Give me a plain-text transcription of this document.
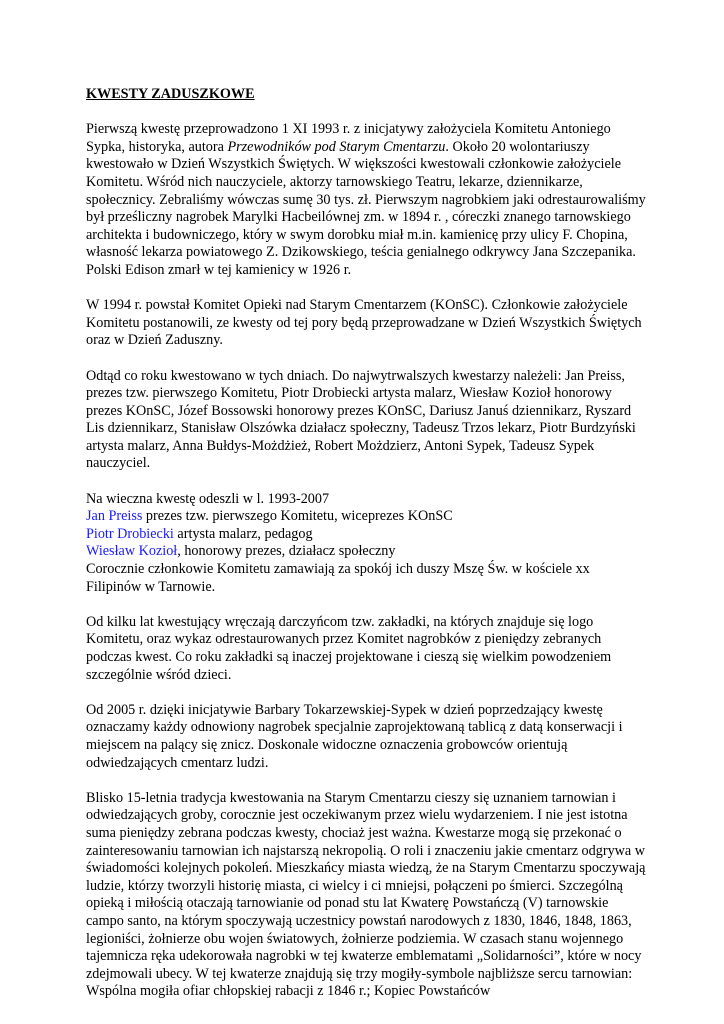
KWESTY ZADUSZKOWE

Pierwszą kwestę przeprowadzono 1 XI 1993 r. z inicjatywy założyciela Komitetu Antoniego Sypka, historyka, autora Przewodników pod Starym Cmentarzu. Około 20 wolontariuszy kwestowało w Dzień Wszystkich Świętych. W większości kwestowali członkowie założyciele Komitetu. Wśród nich nauczyciele, aktorzy tarnowskiego Teatru, lekarze, dziennikarze, społecznicy. Zebraliśmy wówczas sumę 30 tys. zł. Pierwszym nagrobkiem jaki odrestaurowaliśmy był prześliczny nagrobek Marylki Hacbeilównej zm. w 1894 r. , córeczki znanego tarnowskiego architekta i budowniczego, który w swym dorobku miał m.in. kamienicę przy ulicy F. Chopina, własność lekarza powiatowego Z. Dzikowskiego, teścia genialnego odkrywcy Jana Szczepanika. Polski Edison zmarł w tej kamienicy w 1926 r.

W 1994 r. powstał Komitet Opieki nad Starym Cmentarzem (KOnSC). Członkowie założyciele Komitetu postanowili, ze kwesty od tej pory będą przeprowadzane w Dzień Wszystkich Świętych oraz w Dzień Zaduszny.

Odtąd co roku kwestowano w tych dniach. Do najwytrwalszych kwestarzy należeli: Jan Preiss, prezes tzw. pierwszego Komitetu, Piotr Drobiecki artysta malarz, Wiesław Kozioł honorowy prezes KOnSC, Józef Bossowski honorowy prezes KOnSC, Dariusz Januś dziennikarz, Ryszard Lis dziennikarz, Stanisław Olszówka działacz społeczny, Tadeusz Trzos lekarz, Piotr Burdzyński artysta malarz, Anna Bułdys-Możdżież, Robert Możdzierz, Antoni Sypek, Tadeusz Sypek nauczyciel.

Na wieczna kwestę odeszli w l. 1993-2007
Jan Preiss prezes tzw. pierwszego Komitetu, wiceprezes KOnSC
Piotr Drobiecki artysta malarz, pedagog
Wiesław Kozioł, honorowy prezes, działacz społeczny
Corocznie członkowie Komitetu zamawiają za spokój ich duszy Mszę Św. w kościele xx Filipinów w Tarnowie.

Od kilku lat kwestujący wręczają darczyńcom tzw. zakładki, na których znajduje się logo Komitetu, oraz wykaz odrestaurowanych przez Komitet nagrobków z pieniędzy zebranych podczas kwest. Co roku zakładki są inaczej projektowane i cieszą się wielkim powodzeniem szczególnie wśród dzieci.

Od 2005 r. dzięki inicjatywie Barbary Tokarzewskiej-Sypek w dzień poprzedzający kwestę oznaczamy każdy odnowiony nagrobek specjalnie zaprojektowaną tablicą z datą konserwacji i miejscem na palący się znicz. Doskonale widoczne oznaczenia grobowców orientują odwiedzających cmentarz ludzi.

Blisko 15-letnia tradycja kwestowania na Starym Cmentarzu cieszy się uznaniem tarnowian i odwiedzających groby, corocznie jest oczekiwanym przez wielu wydarzeniem. I nie jest istotna suma pieniędzy zebrana podczas kwesty, chociaż jest ważna. Kwestarze mogą się przekonać o zainteresowaniu tarnowian ich najstarszą nekropolią. O roli i znaczeniu jakie cmentarz odgrywa w świadomości kolejnych pokoleń. Mieszkańcy miasta wiedzą, że na Starym Cmentarzu spoczywają ludzie, którzy tworzyli historię miasta, ci wielcy i ci mniejsi, połączeni po śmierci. Szczególną opieką i miłością otaczają tarnowianie od ponad stu lat Kwaterę Powstańczą (V) tarnowskie campo santo, na którym spoczywają uczestnicy powstań narodowych z 1830, 1846, 1848, 1863, legioniści, żołnierze obu wojen światowych, żołnierze podziemia. W czasach stanu wojennego tajemnicza ręka udekorowała nagrobki w tej kwaterze emblematami „Solidarności”, które w nocy zdejmowali ubecy. W tej kwaterze znajdują się trzy mogiły-symbole najbliższe sercu tarnowian: Wspólna mogiła ofiar chłopskiej rabacji z 1846 r.; Kopiec Powstańców
